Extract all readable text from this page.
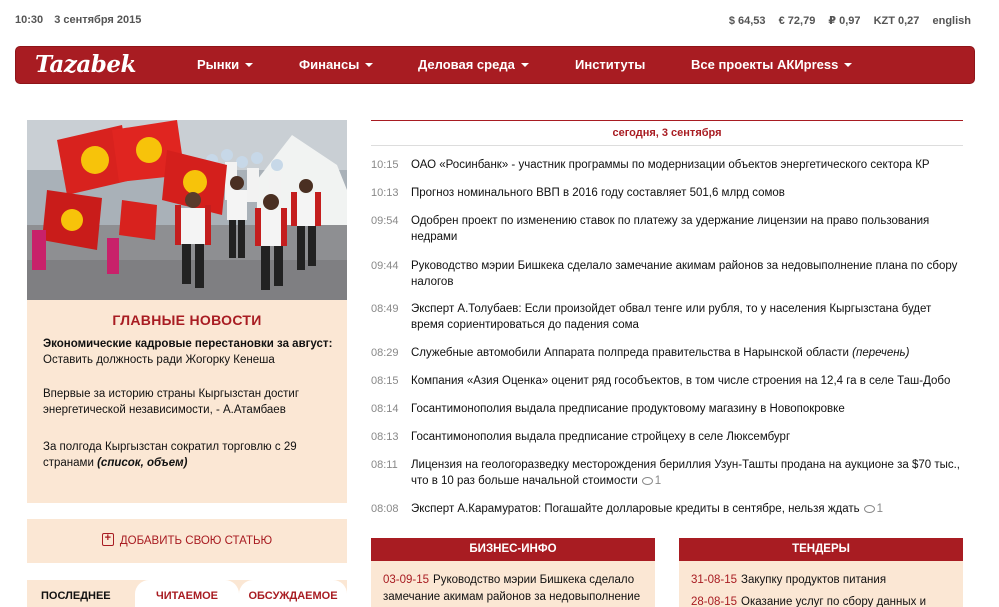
10:30 3 сентября 2015	$ 64,53 € 72,79 ₽ 0,97 KZT 0,27 english
Tazabek	Рынки	Финансы	Деловая среда	Институты	Все проекты АКИpress
ГЛАВНЫЕ НОВОСТИ
Экономические кадровые перестановки за август:
Оставить должность ради Жогорку Кенеша
Впервые за историю страны Кыргызстан достиг энергетической независимости, - А.Атамбаев
За полгода Кыргызстан сократил торговлю с 29 странами (список, объем)
+ ДОБАВИТЬ СВОЮ СТАТЬЮ
ПОСЛЕДНЕЕ	ЧИТАЕМОЕ	ОБСУЖДАЕМОЕ
сегодня, 3 сентября
10:15 ОАО «Росинбанк» - участник программы по модернизации объектов энергетического сектора КР
10:13 Прогноз номинального ВВП в 2016 году составляет 501,6 млрд сомов
09:54 Одобрен проект по изменению ставок по платежу за удержание лицензии на право пользования недрами
09:44 Руководство мэрии Бишкека сделало замечание акимам районов за недовыполнение плана по сбору налогов
08:49 Эксперт А.Толубаев: Если произойдет обвал тенге или рубля, то у населения Кыргызстана будет время сориентироваться до падения сома
08:29 Служебные автомобили Аппарата полпреда правительства в Нарынской области (перечень)
08:15 Компания «Азия Оценка» оценит ряд гособъектов, в том числе строения на 12,4 га в селе Таш-Добо
08:14 Госантимонополия выдала предписание продуктовому магазину в Новопокровке
08:13 Госантимонополия выдала предписание стройцеху в селе Люксембург
08:11 Лицензия на геологоразведку месторождения бериллия Узун-Ташты продана на аукционе за $70 тыс., что в 10 раз больше начальной стоимости 1
08:08 Эксперт А.Карамуратов: Погашайте долларовые кредиты в сентябре, нельзя ждать 1
БИЗНЕС-ИНФО
03-09-15 Руководство мэрии Бишкека сделало замечание акимам районов за недовыполнение
ТЕНДЕРЫ
31-08-15 Закупку продуктов питания
28-08-15 Оказание услуг по сбору данных и
